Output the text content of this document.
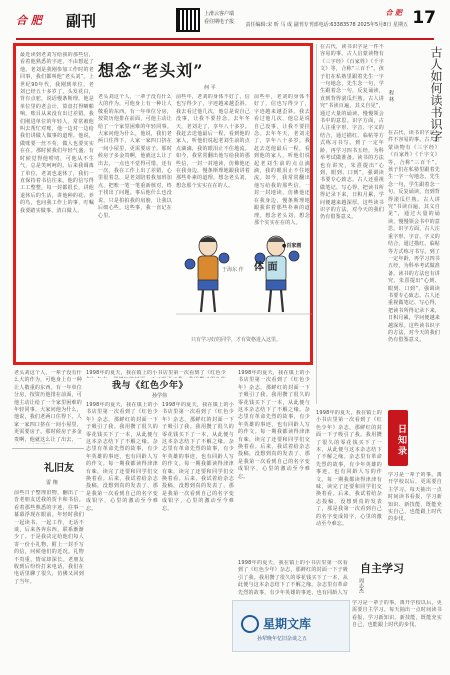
合 肥 副刊	上滑云客户端
看往期电子报	责任编辑:宋 昕 马 成 副刊专刊部电话:63383578 2025年5月8日 星期五
合 肥 17
想念“老头刘”
何 平
最近读到老刘写给我的那些信，看着他熟悉的字迹，不由想起了他。老刘是我刚参加工作时的老同事，我们都叫他“老头刘”。上世纪90年代，我刚到单位，老刘已经五十多岁了，头发花白，背有点驼，说话慢条斯理。他是单位里的老会计，算盘打得噼啪响，账目从来没有出过差错。我们刚进单位的年轻人，常常被他叫去帮忙对账，他一边对一边给我们讲做人做事的道理。他说，做账要一丝不苟，做人也要实实在在。那时候我们年轻气盛，有时候觉得他唠叨，可他从不生气，总是笑呵呵的。后来我调离了单位，老刘也退休了，我们一直保持着书信往来。他的信写得工工整整，每一封都很长，讲他退休后的生活，讲他种的花、养的鸟，也问我工作上的事，叮嘱我要踏实做事、清白做人。
老头刘这个人，一辈子没有什么大的作为，可他身上有一种让人敬重的东西。有一年单位分房，按资历他排在前面，可他主动让给了一个家里困难的年轻同事。大家问他为什么，他说，我们老两口住得下，人家一家四口挤在一间小屋里，更需要房子。那时候房子多金贵啊，他就这么让了出去，一点也不觉得可惜。还有一次，我在工作上出了差错，心里很着急，是老刘陪着我加班加点，把账一笔一笔重新核对，终于找出了问题。事后他什么也没说，只是拍拍我的肩膀，让我以后细心些。这些事，我一直记在心里。
前些年，老刘的身体不好了，信也写得少了，字迹越来越歪斜。我去看过他几次，他总是说自己没事，让我不要挂念。去年冬天，老刘走了，享年八十多岁。我赶去送他最后一程，看到他的家人，听他们说起老刘生前的点点滴滴，我的眼泪止不住地流。如今，我常常翻出他写给我的那些信，一封一封地读，仿佛他还在我身边，慢条斯理地跟我讲着那些朴素的道理。想念老头刘，想念那个实实在在的人。
前些年，老刘的身体不好了，信也写得少了，字迹越来越歪斜。我去看过他几次，他总是说自己没事，让我不要挂念。去年冬天，老刘走了，享年八十多岁。我赶去送他最后一程，看到他的家人，听他们说起老刘生前的点点滴滴，我的眼泪止不住地流。如今，我常常翻出他写给我的那些信，一封一封地读，仿佛他还在我身边，慢条斯理地跟我讲着那些朴素的道理。想念老头刘，想念那个实实在在的人。
体 面
于海东 作
●百家画
只有学习好的同学，才有资格进入这里。
古人如何读书识字
程 林
在古代，读书识字是一件不容易的事。古人启蒙读物有《三字经》《百家姓》《千字文》等，合称“三百千”。孩子们在私塾里跟着先生一字一句地念，先生念一句，学生跟着念一句，反复诵读，直到背得滚瓜烂熟。古人讲究“书读百遍，其义自见”，通过大量的诵读，慢慢领会书中的意思。识字方面，古人注重字形、字音、字义的结合，通过描红、临帖等方式练习书写。到了一定年龄，再学习四书五经，为科举考试做准备。读书的方法也有讲究，朱熹提出“心到、眼到、口到”，强调读书要专心致志。古人还重视做笔记、写心得，把读书所得记录下来，日积月累，学问便越来越深厚。这些读书识字的方法，对今天的我们仍有借鉴意义。
在古代，读书识字是一件不容易的事。古人启蒙读物有《三字经》《百家姓》《千字文》等，合称“三百千”。孩子们在私塾里跟着先生一字一句地念，先生念一句，学生跟着念一句，反复诵读，直到背得滚瓜烂熟。古人讲究“书读百遍，其义自见”，通过大量的诵读，慢慢领会书中的意思。识字方面，古人注重字形、字音、字义的结合，通过描红、临帖等方式练习书写。到了一定年龄，再学习四书五经，为科举考试做准备。读书的方法也有讲究，朱熹提出“心到、眼到、口到”，强调读书要专心致志。古人还重视做笔记、写心得，把读书所得记录下来，日积月累，学问便越来越深厚。这些读书识字的方法，对今天的我们仍有借鉴意义。
老头刘这个人，一辈子没有什么大的作为，可他身上有一种让人敬重的东西。有一年单位分房，按资历他排在前面，可他主动让给了一个家里困难的年轻同事。大家问他为什么，他说，我们老两口住得下，人家一家四口挤在一间小屋里，更需要房子。那时候房子多金贵啊，他就这么让了出去，一
我与《红色少年》
孙学伟
1998年的夏天，我在镇上的小书店里第一次看到了《红色少
1998年的夏天，我在镇上的小书店里第一次看到了《红色少年》杂志，那鲜红的封面一下子吸引了我。我用攒了很久的零花钱买下了一本，从此便与这本杂志结下了不解之缘。杂志里有革命先烈的故事，有少年英雄的事迹，也有同龄人写的作文。每一期我都读得津津有味，读完了还要和同学们交换着看。后来，我试着给杂志投稿，没想到真的发表了，那是我第一次看到自己的名字变成铅字，心里的激动至今难忘。
1998年的夏天，我在镇上的小书店里第一次看到了《红色少年》杂志，那鲜红的封面一下子吸引了我。我用攒了很久的零花钱买下了一本，从此便与这本杂志结下了不解之缘。杂志里有革命先烈的故事，有少年英雄的事迹，也有同龄人写的作文。每一期我都读得津津有味，读完了还要和同学们交换着看。后来，我试着给杂志投稿，没想到真的发表了，那是我第一次看到自己的名字变成铅字，心里的激动至今难忘。
1998年的夏天，我在镇上的小书店里第一次看到了《红色少年》杂志，那鲜红的封面一下子吸引了我。我用攒了很久的零花钱买下了一本，从此便与这本杂志结下了不解之缘。杂志里有革命先烈的故事，有少年英雄的事迹，也有同龄人写的作文。每一期我都读得津津有味，读完了还要和同学们交换着看。后来，我试着给杂志投稿，没想到真的发表了，那是我第一次看到自己的名字变成铅字，心里的激动至今难忘。
1998年的夏天，我在镇上的小书店里第一次看到了《红色少年》杂志，那鲜红的封面一下子吸引了我。我用攒了很久的零花钱买下了一本，从此便与这本杂志结下了不解之缘。杂志里有革命先烈的故事，有少年英雄的事迹，也有同龄人写的作文。每一期我都读得津津有味，读完了还要和同学们交换着看。后来，我试着给杂志投稿，没想到真的发表了，那是我第一次看到自己的名字变成铅字，心里的激动至今难忘。
礼旧友
雷 翔
前些日子整理旧物，翻出了一沓老朋友送我的贺卡和书信。看着那些熟悉的字迹，往事一幕幕浮现在眼前。年轻时我们一起读书、一起工作，无话不谈，后来各奔东西，联系渐渐少了。于是我决定给他们每人寄一份小礼物，附上一封手写的信，问候他们的近况。礼物不贵重，情谊却深长。老朋友收到后纷纷打来电话，我们在电话里聊了很久，仿佛又回到了当年。
日知录
学习是一辈子的事。离开学校以后，更需要自主学习。每天抽出一点时间读书看报，学习新知识、新技能，既能充实自己，也能跟上时代的步伐。
自主学习
周志杰
学习是一辈子的事。离开学校以后，更需要自主学习。每天抽出一点时间读书看报，学习新知识、新技能，既能充实自己，也能跟上时代的步伐。
1998年的夏天，我在镇上的小书店里第一次看到了《红色少年》杂志，那鲜红的封面一下子吸引了我。我用攒了很久的零花钱买下了一本，从此便与这本杂志结下了不解之缘。杂志里有革命先烈的故事，有少年英雄的事迹，也有同龄人写
星期文库
孙犁晚年忆旧杂谈之五
